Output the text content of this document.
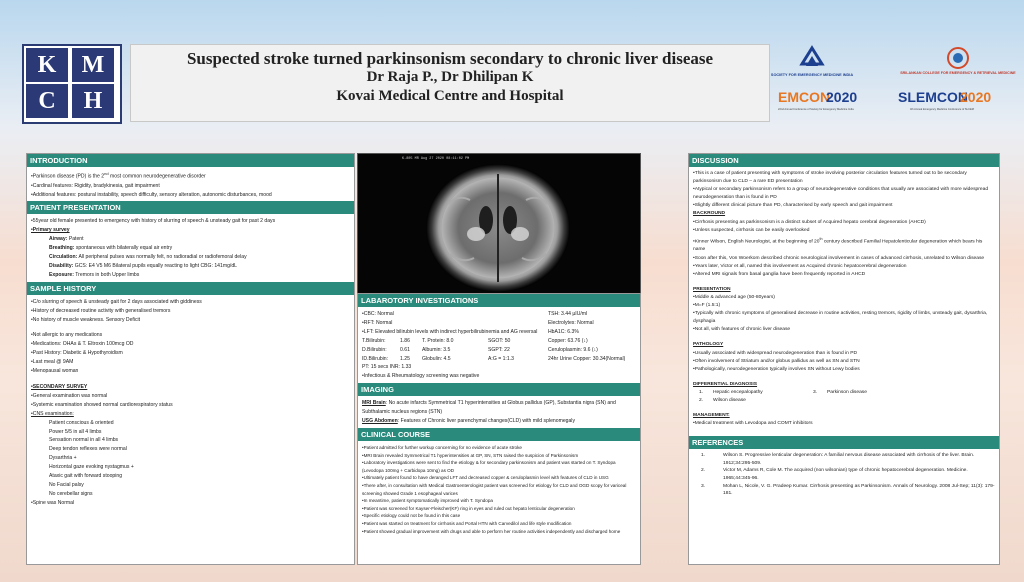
K	M
C	H
Suspected stroke turned parkinsonism secondary to chronic liver disease
Dr Raja P., Dr Dhilipan K
Kovai Medical Centre and Hospital
SOCIETY FOR EMERGENCY MEDICINE INDIA	SRILANKAN COLLEGE FOR EMERGENCY & RETRIEVAL MEDICINE
EMCON
2020
22nd Annual Conference of Society for Emergency Medicine India
SLEMCON
2020
4th Annual Emergency Medicine Conference of SLCEM
INTRODUCTION

•Parkinson disease (PD) is the 2nd most common neurodegenerative disorder

•Cardinal features: Rigidity, bradykinesia, gait impairment

•Additional features: postural instability, speech difficulty, sensory alteration, autonomic disturbances, mood

PATIENT PRESENTATION

•55year old female presented to emergency with history of slurring of speech & unsteady gait for past 2 days

•Primary survey

Airway: Patent

Breathing: spontaneous with bilaterally equal air entry

Circulation: All peripheral pulses was normally felt, no radioradial or radiofemoral delay

Disability: GCS: E4 V5 M6 Bilateral pupils equally reacting to light CBG: 141mg/dL

Exposure: Tremors in both Upper limbs

SAMPLE HISTORY

•C/o slurring of speech & unsteady gait for 2 days associated with giddiness

•History of decreased routine activity with generalised tremors

•No history of muscle weakness. Sensory Deficit

•Not allergic to any medications

•Medications: OHAs & T. Eltroxin 100mcg OD

•Past History: Diabetic & Hypothyroidism

•Last meal @ 9AM

•Menopausal woman

•SECONDARY SURVEY

•General examination was normal

•Systemic examination showed normal cardiorespiratory status

•CNS examination:

Patient conscious & oriented

Power 5/5 in all 4 limbs

Sensation normal in all 4 limbs

Deep tendon reflexes were normal

Dysarthria +

Horizontal gaze evoking nystagmus +

Ataxic gait with forward stooping

No Facial palsy

No cerebellar signs

•Spine was Normal

K-805 MR Aug 27 2020 08:11:02 PM
LABAROTORY INVESTIGATIONS
•CBC: Normal	TSH: 3.44 µIU/ml
•RFT: Normal	Electrolytes: Normal
•LFT: Elevated bilirubin levels with indirect hyperbilirubinemia and AG reversal HbA1C: 6.3%
T.Bilirubin:	1.86	T. Protein: 8.0	SGOT: 50
D.Bilirubin:	0.61	Albumin: 3.5	SGPT: 22
ID.Bilirubin:	1.25	Globulin: 4.5	A:G = 1:1.3

Copper: 63.76 (↓)

Ceruloplasmin: 9.6 (↓)

24hr Urine Copper: 30.34(Normal)

PT: 15 secs INR: 1.33

•Infectious & Rheumatology screening was negative

IMAGING

MRI Brain: No acute infarcts Symmetrical T1 hyperintensities at Globus pallidus (GP), Substantia nigra (SN) and Subthalamic nucleus regions (STN)

USG Abdomen: Features of Chronic liver parenchymal changes(CLD) with mild splenomegaly

CLINICAL COURSE

•Patient admitted for further workup concerning for no evidence of acute stroke

•MRI Brain revealed Symmetrical T1 hyperintensities at GP, SN, STN raised the suspicion of Parkinsonism

•Laboratory investigations were sent to find the etiology & for secondary parkinsonism and patient was started on T. Syndopa (Levodopa 100mg + Carbidopa 10mg) as OD

•Ultimately patient found to have deranged LFT and decreased copper & ceruloplasmin level with features of CLD in USG

•There after, in consultation with Medical Gastroenterologist patient was screened for etiology for CLD and OGD scopy for variceal screening showed Grade 1 esophageal varices

•In meantime, patient symptomatically improved with T. Syndopa

•Patient was screened for Kayser-Fleischer(KF) ring in eyes and ruled out hepato lenticular degeneration

•Specific etiology could not be found in this case

•Patient was started on treatment for cirrhosis and Portal HTN with Carvedilol and life style modification

•Patient showed gradual improvement with drugs and able to perform her routine activities independently and discharged home

DISCUSSION

•This is a case of patient presenting with symptoms of stroke involving posterior circulation features turned out to be secondary parkinsonism due to CLD – a rare ED presentation

•Atypical or secondary parkinsonism refers to a group of neurodegenerative conditions that usually are associated with more widespread neurodegeneration than is found in PD

•Slightly different clinical picture than PD, characterised by early speech and gait impairment

BACKROUND

•Cirrhosis presenting as parkinsonism is a distinct subset of Acquired hepato cerebral degeneration (AHCD)

•Unless suspected, cirrhosis can be easily overlooked

•Kinner Wilson, English Neurologist, at the beginning of 20th century described Familial Hepatolenticular degeneration which bears his name

•Soon after this, Von Woerkom described chronic neurological involvement in cases of advanced cirrhosis, unrelated to Wilson disease

•Years later, Victor et all, named this involvement as Acquired chronic hepatocerebral degeneration

•Altered MRI signals from basal ganglia have been frequently reported in AHCD

PRESENTATION

•Middle & advanced age (50-80years)

•M=F (1.5:1)

•Typically with chronic symptoms of generalised decrease in routine activities, resting tremors, rigidity of limbs, unsteady gait, dysarthria, dysphagia

•Not all, with features of chronic liver disease

PATHOLOGY

•Usually associated with widespread neurodegeneration than is found in PD

•Often involvement of Striatum and/or globus pallidus as well as SN and STN

•Pathologically, neurodegeneration typically involves SN without Lewy bodies

DIFFERENTIAL DIAGNOSIS

1.	Hepatic encepalopathy	3.	Parkinson disease
2.	Wilson disease

MANAGEMENT:

•Medical treatment with Levodopa and COMT inhibitors

REFERENCES
1.	Wilson S. Progressive lenticular degeneration: A familial nervous disease associated with cirrhosis of the liver. Brain. 1912;34:295-509.
2.	Victor M, Adams R, Cole M. The acquired (non wilsonian) type of chronic hepatocerebral degeneration. Medicine. 1965;44:345-96.
3.	Mohan L, Nicole, V. G. Pradeep Kumar. Cirrhosis presenting as Parkinsonism. Annals of Neurology. 2008 Jul-Sep; 11(3): 179-181.
